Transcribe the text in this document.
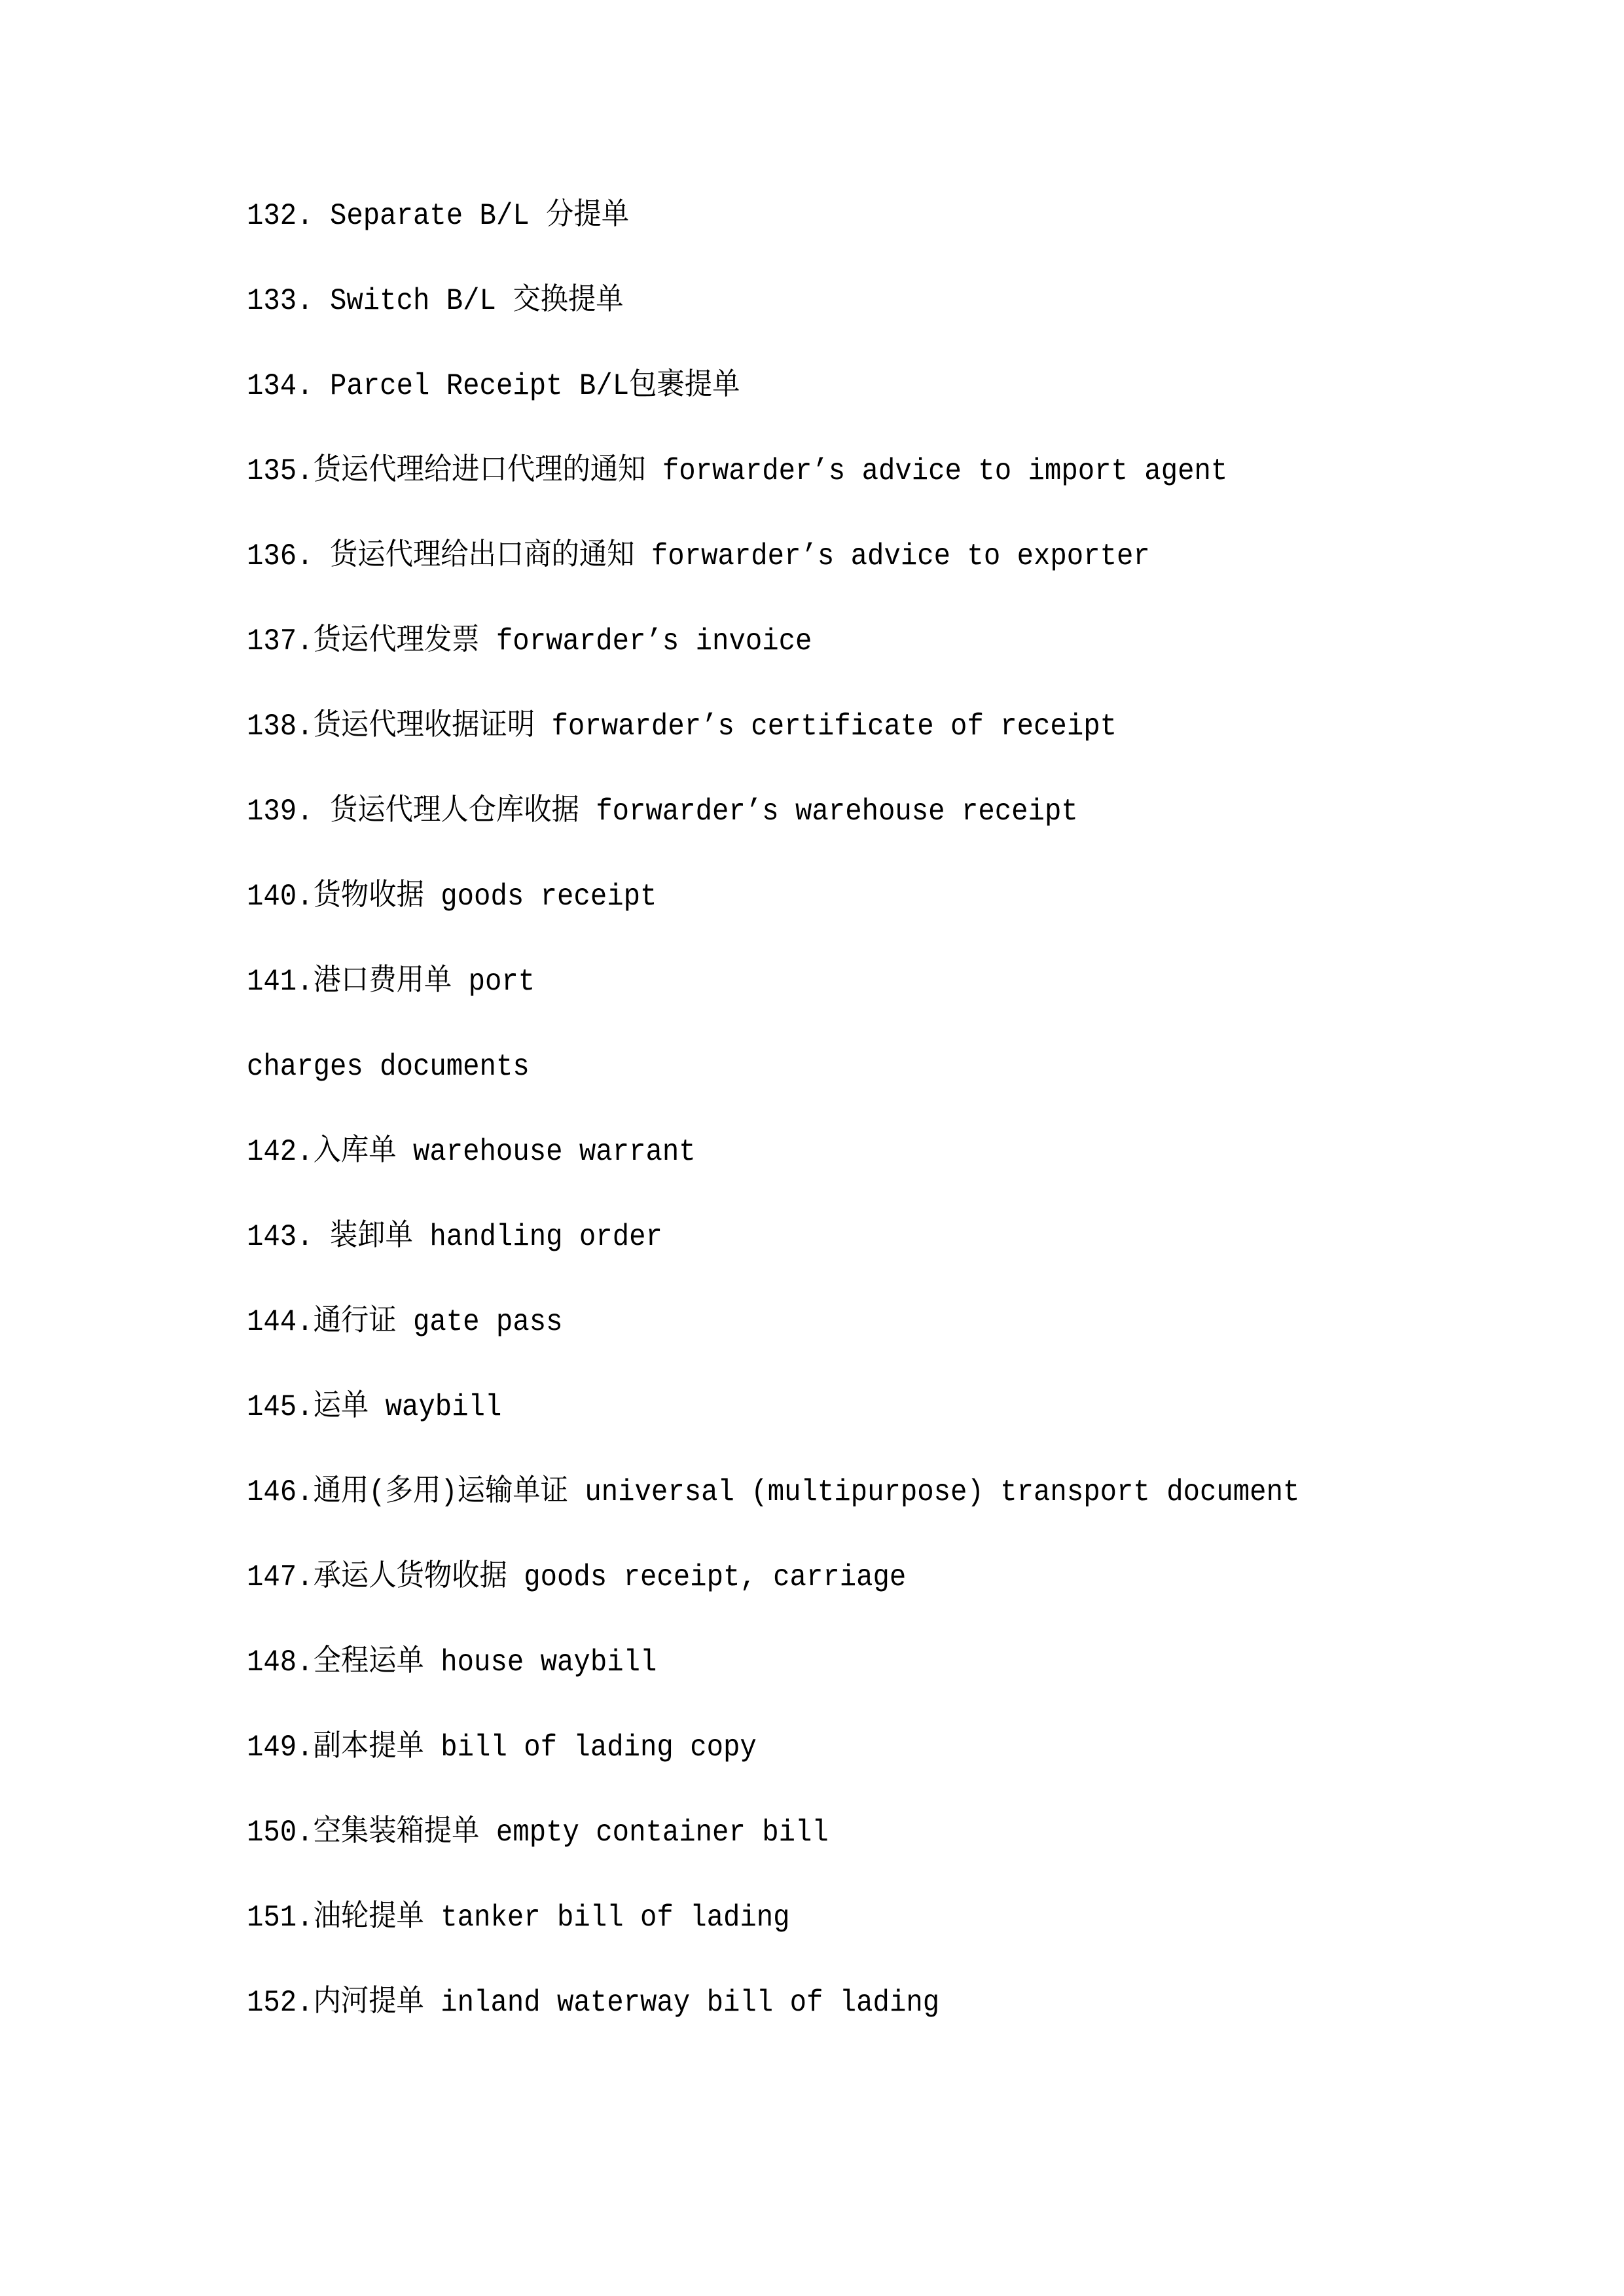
132. Separate B/L 分提单
133. Switch B/L 交换提单
134. Parcel Receipt B/L包裹提单
135.货运代理给进口代理的通知 forwarder’s advice to import agent
136. 货运代理给出口商的通知 forwarder’s advice to exporter
137.货运代理发票 forwarder’s invoice
138.货运代理收据证明 forwarder’s certificate of receipt
139. 货运代理人仓库收据 forwarder’s warehouse receipt
140.货物收据 goods receipt
141.港口费用单 port
charges documents
142.入库单 warehouse warrant
143. 装卸单 handling order
144.通行证 gate pass
145.运单 waybill
146.通用(多用)运输单证 universal (multipurpose) transport document
147.承运人货物收据 goods receipt, carriage
148.全程运单 house waybill
149.副本提单 bill of lading copy
150.空集装箱提单 empty container bill
151.油轮提单 tanker bill of lading
152.内河提单 inland waterway bill of lading
